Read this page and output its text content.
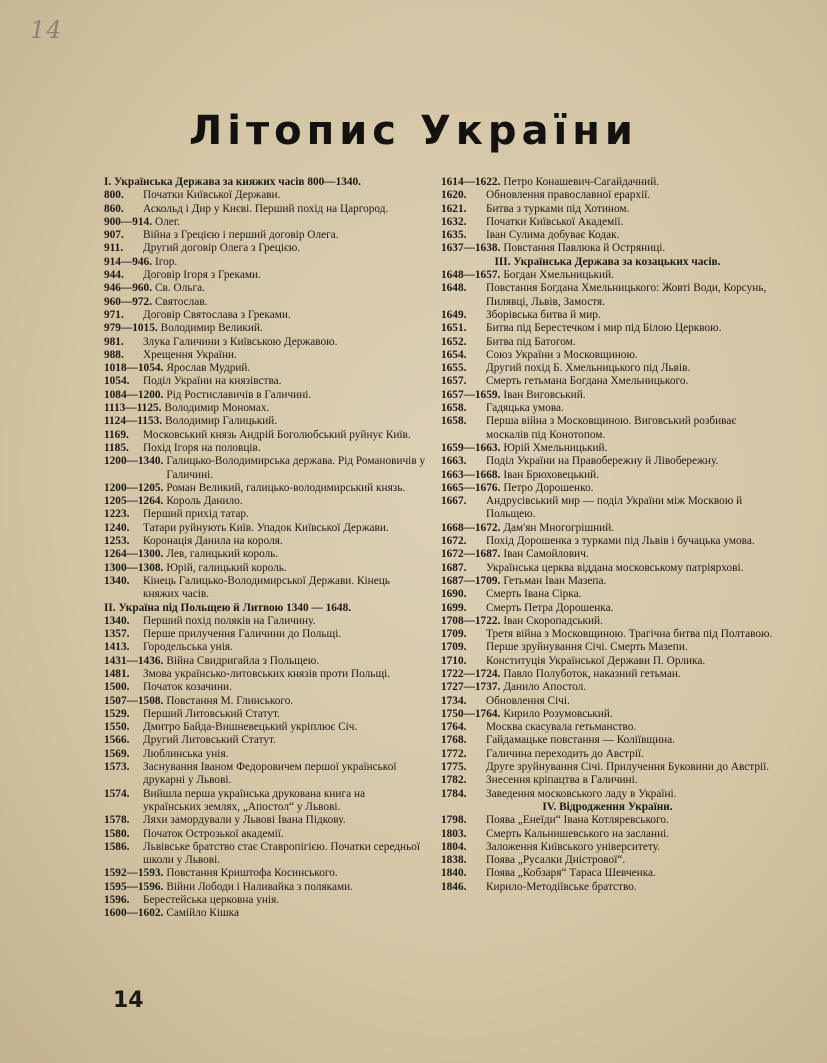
14
Літопис України
І. Українська Держава за княжих часів 800—1340.
800.	Початки Київської Держави.
860.	Аскольд і Дир у Києві. Перший похід на Царгород.
900—914. Олег.
907.	Війна з Грецією і перший договір Олега.
911.	Другий договір Олега з Грецією.
914—946. Ігор.
944.	Договір Ігоря з Греками.
946—960. Св. Ольга.
960—972. Святослав.
971.	Договір Святослава з Греками.
979—1015. Володимир Великий.
981.	Злука Галичини з Київською Державою.
988.	Хрещення України.
1018—1054. Ярослав Мудрий.
1054.	Поділ України на князівства.
1084—1200. Рід Ростиславичів в Галичині.
1113—1125. Володимир Мономах.
1124—1153. Володимир Галицький.
1169.	Московський князь Андрій Боголюбський руйнує Київ.
1185.	Похід Ігоря на половців.
1200—1340. Галицько-Володимирська держава. Рід Романовичів у Галичині.
1200—1205. Роман Великий, галицько-володимирський князь.
1205—1264. Король Данило.
1223.	Перший прихід татар.
1240.	Татари руйнують Київ. Упадок Київської Держави.
1253.	Коронація Данила на короля.
1264—1300. Лев, галицький король.
1300—1308. Юрій, галицький король.
1340.	Кінець Галицько-Володимирської Держави. Кінець княжих часів.
II. Україна під Польщею й Литвою 1340 — 1648.
1340.	Перший похід поляків на Галичину.
1357.	Перше прилучення Галичини до Польщі.
1413.	Городельська унія.
1431—1436. Війна Свидригайла з Польщею.
1481.	Змова українсько-литовських князів проти Польщі.
1500.	Початок козачини.
1507—1508. Повстання М. Глинського.
1529.	Перший Литовський Статут.
1550.	Дмитро Байда-Вишневецький укріплює Січ.
1566.	Другий Литовський Статут.
1569.	Люблинська унія.
1573.	Заснування Іваном Федоровичем першої української друкарні у Львові.
1574.	Вийшла перша українська друкована книга на українських землях, „Апостол“ у Львові.
1578.	Ляхи замордували у Львові Івана Підкову.
1580.	Початок Острозької академії.
1586.	Львівське братство стає Ставропігією. Початки середньої школи у Львові.
1592—1593. Повстання Криштофа Косинського.
1595—1596. Війни Лободи і Наливайка з поляками.
1596.	Берестейська церковна унія.
1600—1602. Самійло Кішка
1614—1622. Петро Конашевич-Сагайдачний.
1620.	Обновлення православної ерархії.
1621.	Битва з турками під Хотином.
1632.	Початки Київської Академії.
1635.	Іван Сулима добуває Кодак.
1637—1638. Повстання Павлюка й Остряниці.
III. Українська Держава за козацьких часів.
1648—1657. Богдан Хмельницький.
1648.	Повстання Богдана Хмельницького: Жовті Води, Корсунь, Пилявці, Львів, Замостя.
1649.	Зборівська битва й мир.
1651.	Битва під Берестечком і мир під Білою Церквою.
1652.	Битва під Батогом.
1654.	Союз України з Московщиною.
1655.	Другий похід Б. Хмельницького під Львів.
1657.	Смерть гетьмана Богдана Хмельницького.
1657—1659. Іван Виговський.
1658.	Гадяцька умова.
1658.	Перша війна з Московщиною. Виговський розбиває москалів під Конотопом.
1659—1663. Юрій Хмельницький.
1663.	Поділ України на Правобережну й Лівобережну.
1663—1668. Іван Брюховецький.
1665—1676. Петро Дорошенко.
1667.	Андрусівський мир — поділ України між Москвою й Польщею.
1668—1672. Дам'ян Многогрішний.
1672.	Похід Дорошенка з турками під Львів і бучацька умова.
1672—1687. Іван Самойлович.
1687.	Українська церква віддана московському патріярхові.
1687—1709. Гетьман Іван Мазепа.
1690.	Смерть Івана Сірка.
1699.	Смерть Петра Дорошенка.
1708—1722. Іван Скоропадський.
1709.	Третя війна з Московщиною. Трагічна битва під Полтавою.
1709.	Перше зруйнування Січі. Смерть Мазепи.
1710.	Конституція Української Держави П. Орлика.
1722—1724. Павло Полуботок, наказний гетьман.
1727—1737. Данило Апостол.
1734.	Обновлення Січі.
1750—1764. Кирило Розумовський.
1764.	Москва скасувала гетьманство.
1768.	Гайдамацьке повстання — Коліївщина.
1772.	Галичина переходить до Австрії.
1775.	Друге зруйнування Січі. Прилучення Буковини до Австрії.
1782.	Знесення кріпацтва в Галичині.
1784.	Заведення московського ладу в Україні.
IV. Відродження України.
1798.	Поява „Енеїди“ Івана Котляревського.
1803.	Смерть Кальнишевського на засланні.
1804.	Заложення Київського університету.
1838.	Поява „Русалки Дністрової“.
1840.	Поява „Кобзаря“ Тараса Шевченка.
1846.	Кирило-Методіївське братство.
14
